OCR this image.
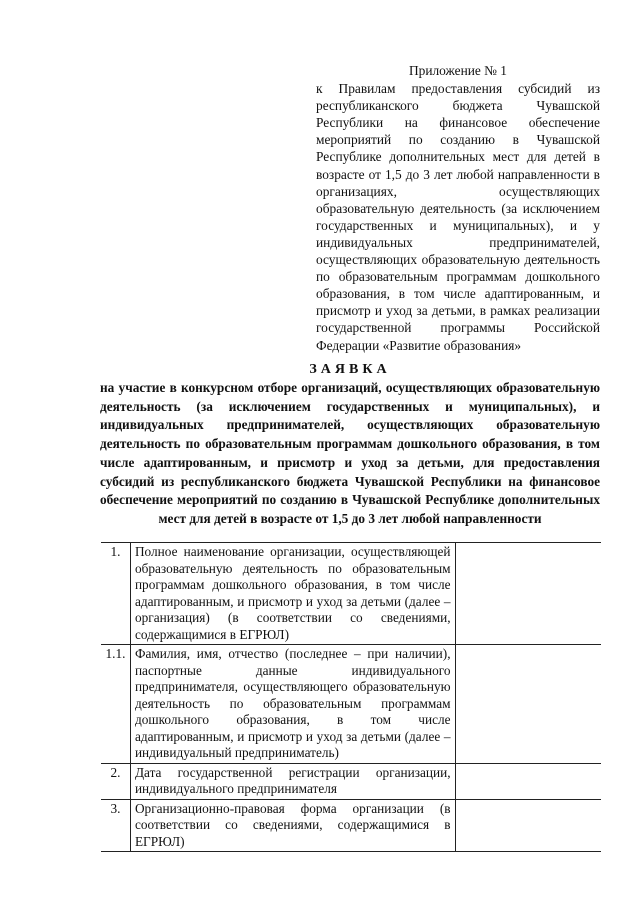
Приложение № 1
к Правилам предоставления субсидий из республиканского бюджета Чувашской Республики на финансовое обеспечение мероприятий по созданию в Чувашской Республике дополнительных мест для детей в возрасте от 1,5 до 3 лет любой направленности в организациях, осуществляющих образовательную деятельность (за исключением государственных и муниципальных), и у индивидуальных предпринимателей, осуществляющих образовательную деятельность по образовательным программам дошкольного образования, в том числе адаптированным, и присмотр и уход за детьми, в рамках реализации государственной программы Российской Федерации «Развитие образования»
ЗАЯВКА
на участие в конкурсном отборе организаций, осуществляющих образовательную деятельность (за исключением государственных и муниципальных), и индивидуальных предпринимателей, осуществляющих образовательную деятельность по образовательным программам дошкольного образования, в том числе адаптированным, и присмотр и уход за детьми, для предоставления субсидий из республиканского бюджета Чувашской Республики на финансовое обеспечение мероприятий по созданию в Чувашской Республике дополнительных мест для детей в возрасте от 1,5 до 3 лет любой направленности
1.	Полное наименование организации, осуществляющей образовательную деятельность по образовательным программам дошкольного образования, в том числе адаптированным, и присмотр и уход за детьми (далее – организация) (в соответствии со сведениями, содержащимися в ЕГРЮЛ)	
1.1.	Фамилия, имя, отчество (последнее – при наличии), паспортные данные индивидуального предпринимателя, осуществляющего образовательную деятельность по образовательным программам дошкольного образования, в том числе адаптированным, и присмотр и уход за детьми (далее – индивидуальный предприниматель)	
2.	Дата государственной регистрации организации, индивидуального предпринимателя	
3.	Организационно-правовая форма организации (в соответствии со сведениями, содержащимися в ЕГРЮЛ)	
